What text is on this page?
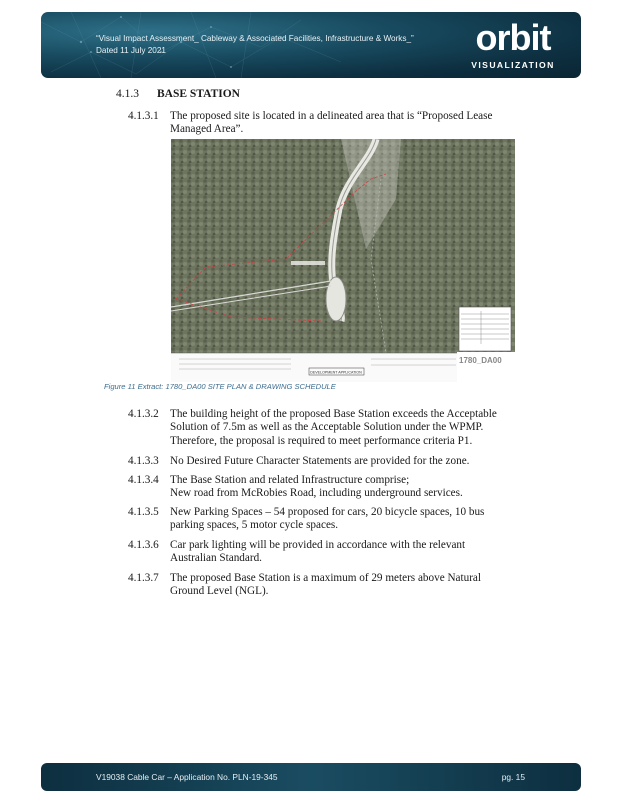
“Visual Impact Assessment_ Cableway & Associated Facilities, Infrastructure & Works_”
Dated 11 July 2021	orbit
VISUALIZATION
4.1.3 BASE STATION
4.1.3.1 The proposed site is located in a delineated area that is “Proposed Lease
Managed Area”.
DEVELOPMENT APPLICATION
1780_DA00
Figure 11 Extract: 1780_DA00 SITE PLAN & DRAWING SCHEDULE
4.1.3.2 The building height of the proposed Base Station exceeds the Acceptable
Solution of 7.5m as well as the Acceptable Solution under the WPMP.
Therefore, the proposal is required to meet performance criteria P1.
4.1.3.3 No Desired Future Character Statements are provided for the zone.
4.1.3.4 The Base Station and related Infrastructure comprise;
New road from McRobies Road, including underground services.
4.1.3.5 New Parking Spaces – 54 proposed for cars, 20 bicycle spaces, 10 bus
parking spaces, 5 motor cycle spaces.
4.1.3.6 Car park lighting will be provided in accordance with the relevant
Australian Standard.
4.1.3.7 The proposed Base Station is a maximum of 29 meters above Natural
Ground Level (NGL).
V19038 Cable Car – Application No. PLN-19-345	pg. 15
